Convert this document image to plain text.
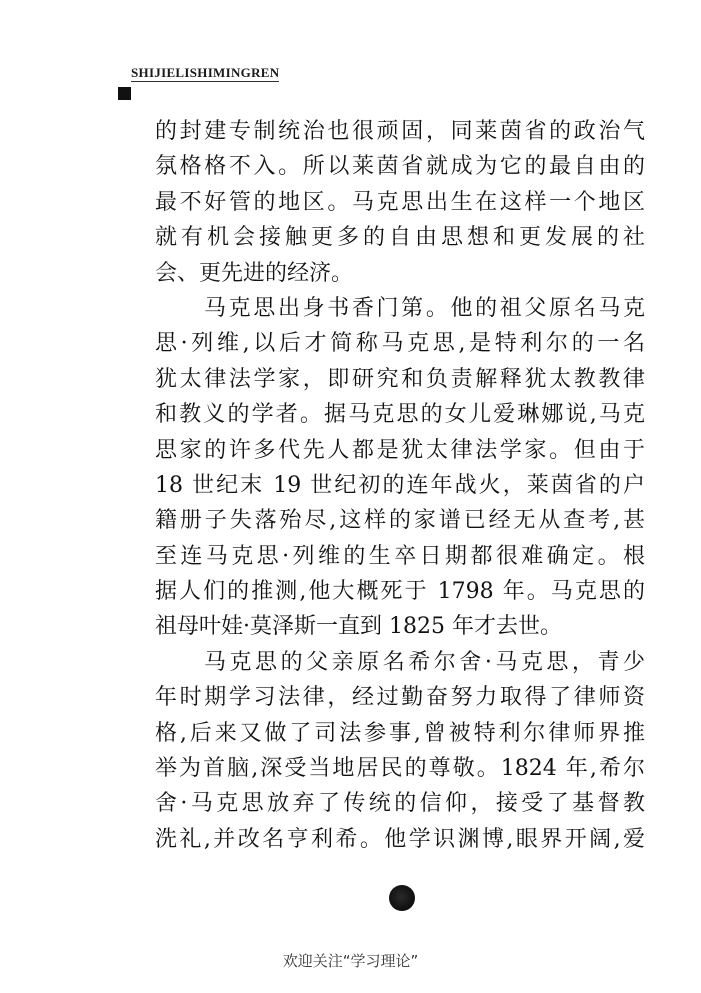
SHIJIELISHIMINGREN
的封建专制统治也很顽固，同莱茵省的政治气
氛格格不入。所以莱茵省就成为它的最自由的
最不好管的地区。马克思出生在这样一个地区
就有机会接触更多的自由思想和更发展的社
会、更先进的经济。
马克思出身书香门第。他的祖父原名马克
思·列维,以后才简称马克思,是特利尔的一名
犹太律法学家，即研究和负责解释犹太教教律
和教义的学者。据马克思的女儿爱琳娜说,马克
思家的许多代先人都是犹太律法学家。但由于
18 世纪末 19 世纪初的连年战火，莱茵省的户
籍册子失落殆尽,这样的家谱已经无从查考,甚
至连马克思·列维的生卒日期都很难确定。根
据人们的推测,他大概死于 1798 年。马克思的
祖母叶娃·莫泽斯一直到 1825 年才去世。
马克思的父亲原名希尔舍·马克思，青少
年时期学习法律，经过勤奋努力取得了律师资
格,后来又做了司法参事,曾被特利尔律师界推
举为首脑,深受当地居民的尊敬。1824 年,希尔
舍·马克思放弃了传统的信仰，接受了基督教
洗礼,并改名亨利希。他学识渊博,眼界开阔,爱
欢迎关注“学习理论”
